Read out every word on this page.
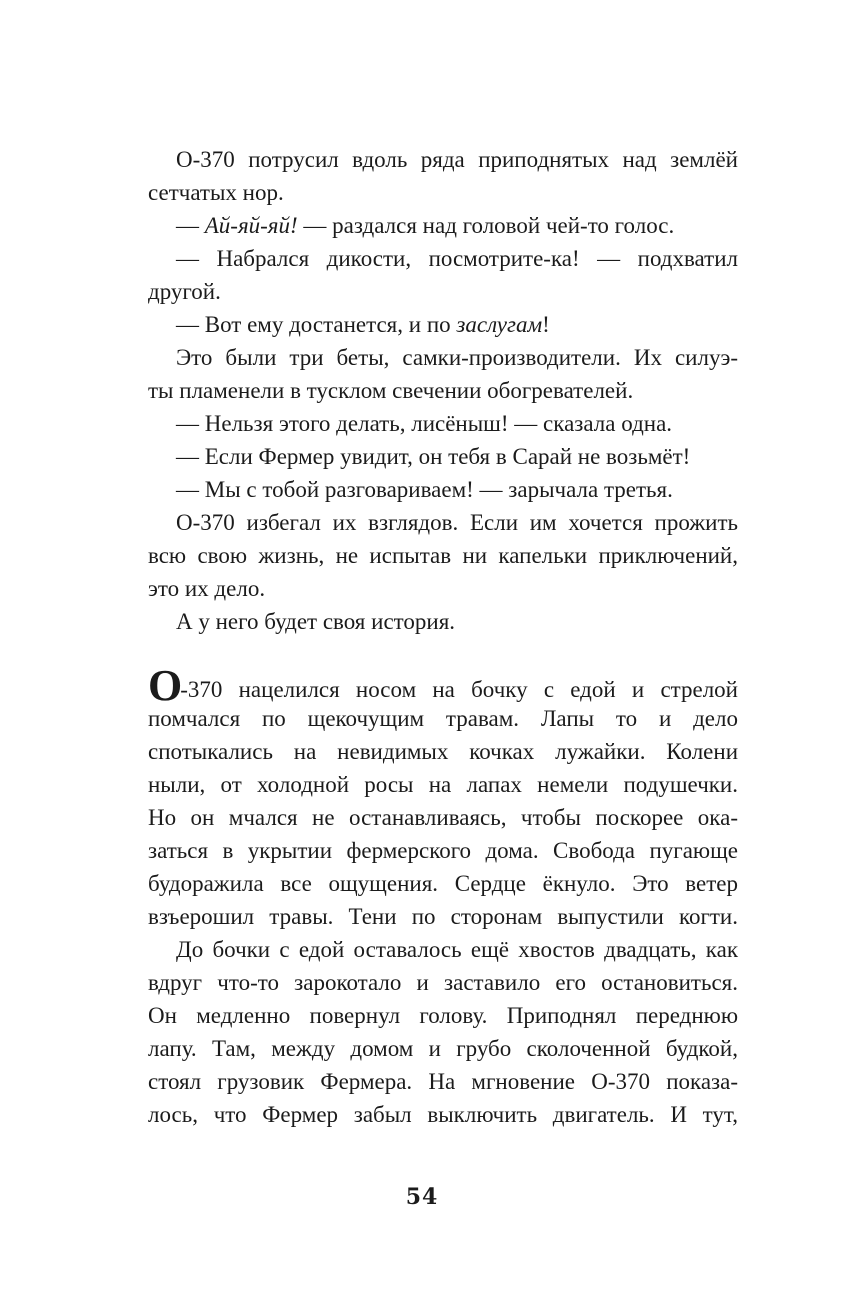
О-370 потрусил вдоль ряда приподнятых над землёй
сетчатых нор.
— Ай-яй-яй! — раздался над головой чей-то голос.
— Набрался дикости, посмотрите-ка! — подхватил
другой.
— Вот ему достанется, и по заслугам!
Это были три беты, самки-производители. Их силуэ-
ты пламенели в тусклом свечении обогревателей.
— Нельзя этого делать, лисёныш! — сказала одна.
— Если Фермер увидит, он тебя в Сарай не возьмёт!
— Мы с тобой разговариваем! — зарычала третья.
О-370 избегал их взглядов. Если им хочется прожить
всю свою жизнь, не испытав ни капельки приключений,
это их дело.
А у него будет своя история.
О-370 нацелился носом на бочку с едой и стрелой
помчался по щекочущим травам. Лапы то и дело
спотыкались на невидимых кочках лужайки. Колени
ныли, от холодной росы на лапах немели подушечки.
Но он мчался не останавливаясь, чтобы поскорее ока-
заться в укрытии фермерского дома. Свобода пугающе
будоражила все ощущения. Сердце ёкнуло. Это ветер
взъерошил травы. Тени по сторонам выпустили когти.
До бочки с едой оставалось ещё хвостов двадцать, как
вдруг что-то зарокотало и заставило его остановиться.
Он медленно повернул голову. Приподнял переднюю
лапу. Там, между домом и грубо сколоченной будкой,
стоял грузовик Фермера. На мгновение О-370 показа-
лось, что Фермер забыл выключить двигатель. И тут,
54
